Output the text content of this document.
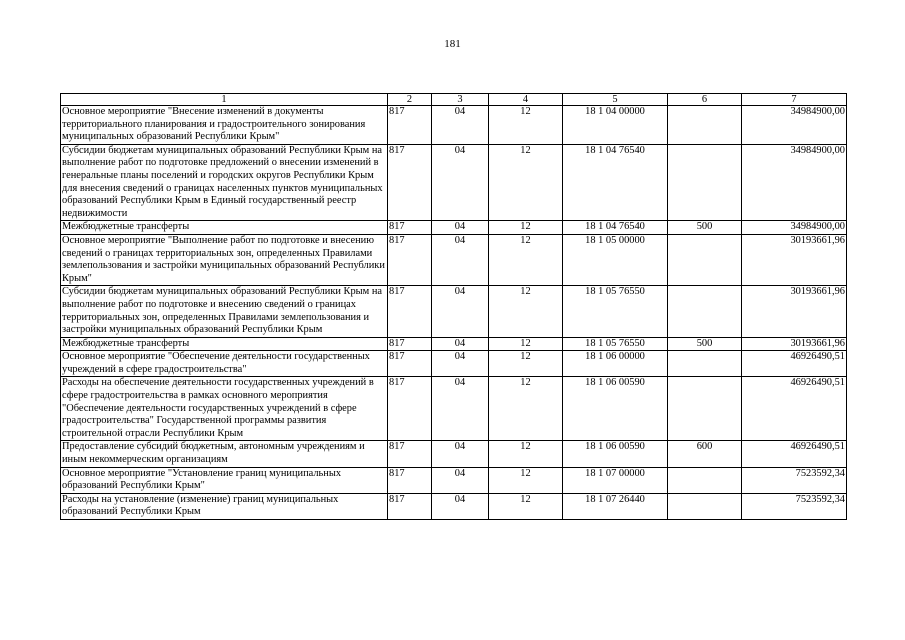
181
1	2	3	4	5	6	7
Основное мероприятие "Внесение изменений в документы территориального планирования и градостроительного зонирования муниципальных образований Республики Крым"	817	04	12	18 1 04 00000		34984900,00
Субсидии бюджетам муниципальных образований Республики Крым на выполнение работ по подготовке предложений о внесении изменений в генеральные планы поселений и городских округов Республики Крым для внесения сведений о границах населенных пунктов муниципальных образований Республики Крым в Единый государственный реестр недвижимости	817	04	12	18 1 04 76540		34984900,00
Межбюджетные трансферты	817	04	12	18 1 04 76540	500	34984900,00
Основное мероприятие "Выполнение работ по подготовке и внесению сведений о границах территориальных зон, определенных Правилами землепользования и застройки муниципальных образований Республики Крым"	817	04	12	18 1 05 00000		30193661,96
Субсидии бюджетам муниципальных образований Республики Крым на выполнение работ по подготовке и внесению сведений о границах территориальных зон, определенных Правилами землепользования и застройки муниципальных образований Республики Крым	817	04	12	18 1 05 76550		30193661,96
Межбюджетные трансферты	817	04	12	18 1 05 76550	500	30193661,96
Основное мероприятие "Обеспечение деятельности государственных учреждений в сфере градостроительства"	817	04	12	18 1 06 00000		46926490,51
Расходы на обеспечение деятельности государственных учреждений в сфере градостроительства в рамках основного мероприятия "Обеспечение деятельности государственных учреждений в сфере градостроительства" Государственной программы развития строительной отрасли Республики Крым	817	04	12	18 1 06 00590		46926490,51
Предоставление субсидий бюджетным, автономным учреждениям и иным некоммерческим организациям	817	04	12	18 1 06 00590	600	46926490,51
Основное мероприятие "Установление границ муниципальных образований Республики Крым"	817	04	12	18 1 07 00000		7523592,34
Расходы на установление (изменение) границ муниципальных образований Республики Крым	817	04	12	18 1 07 26440		7523592,34
